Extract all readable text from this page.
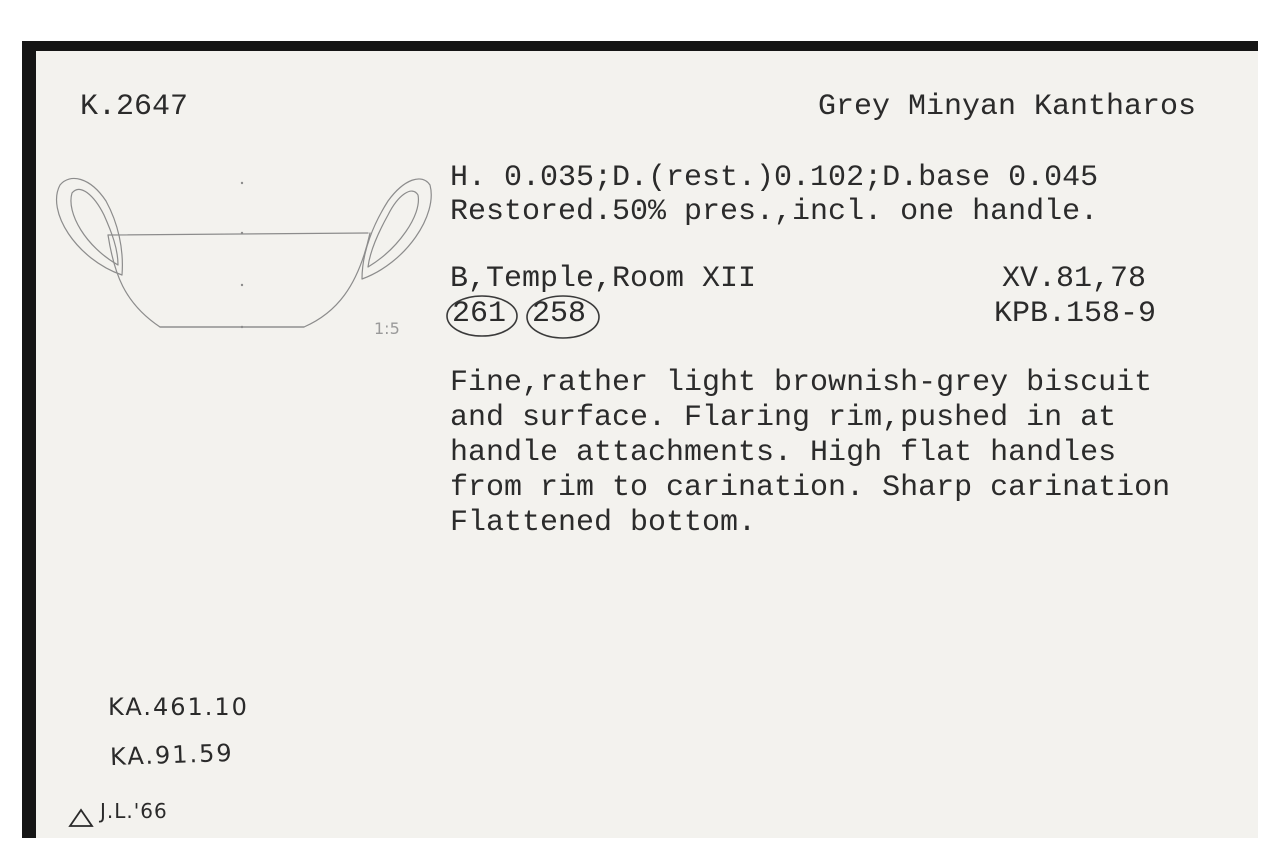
K.2647	Grey Minyan Kantharos
H. 0.035;D.(rest.)0.102;D.base 0.045
Restored.50% pres.,incl. one handle.
B,Temple,Room XII	XV.81,78
261 258	KPB.158-9
1:5
Fine,rather light brownish-grey biscuit
and surface. Flaring rim,pushed in at
handle attachments. High flat handles
from rim to carination. Sharp carination
Flattened bottom.
KA.461.10
KA.91.59
J.L.'66
